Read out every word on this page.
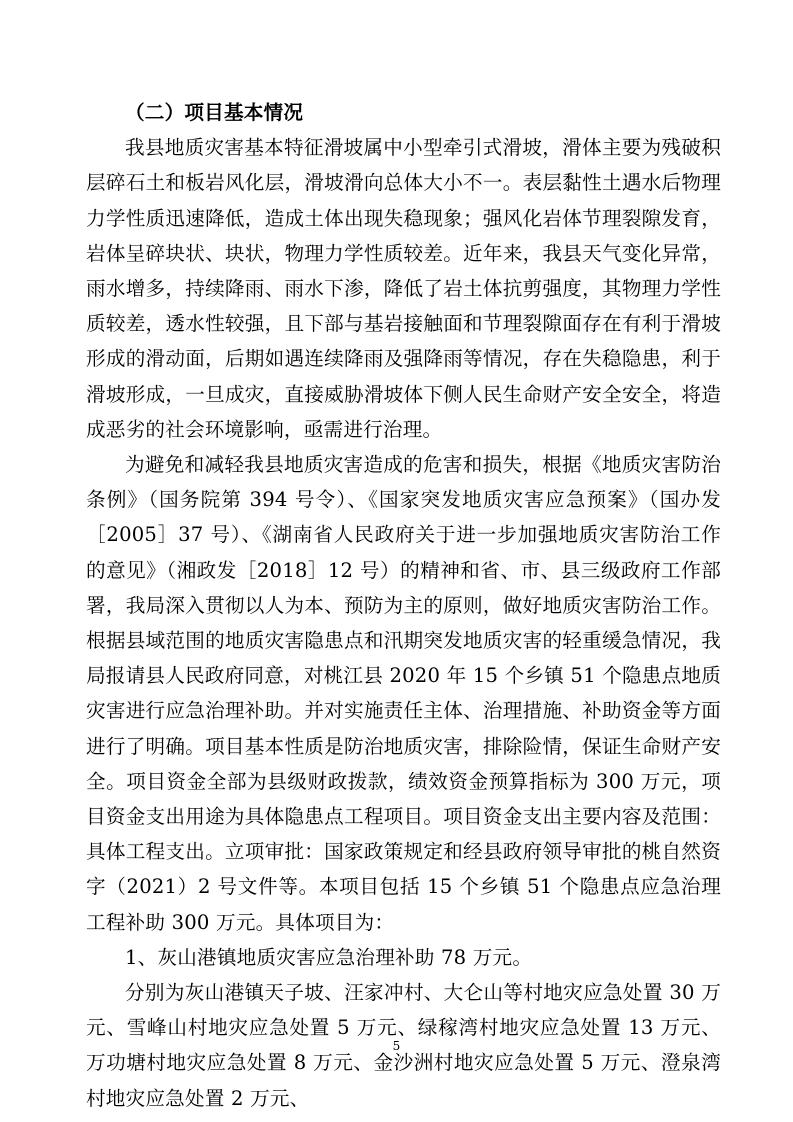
（二）项目基本情况

我县地质灾害基本特征滑坡属中小型牵引式滑坡，滑体主要为残破积层碎石土和板岩风化层，滑坡滑向总体大小不一。表层黏性土遇水后物理力学性质迅速降低，造成土体出现失稳现象；强风化岩体节理裂隙发育，岩体呈碎块状、块状，物理力学性质较差。近年来，我县天气变化异常，雨水增多，持续降雨、雨水下渗，降低了岩土体抗剪强度，其物理力学性质较差，透水性较强，且下部与基岩接触面和节理裂隙面存在有利于滑坡形成的滑动面，后期如遇连续降雨及强降雨等情况，存在失稳隐患，利于滑坡形成，一旦成灾，直接威胁滑坡体下侧人民生命财产安全安全，将造成恶劣的社会环境影响，亟需进行治理。

为避免和减轻我县地质灾害造成的危害和损失，根据《地质灾害防治条例》（国务院第 394 号令）、《国家突发地质灾害应急预案》（国办发［2005］37 号）、《湖南省人民政府关于进一步加强地质灾害防治工作的意见》（湘政发［2018］12 号）的精神和省、市、县三级政府工作部署，我局深入贯彻以人为本、预防为主的原则，做好地质灾害防治工作。根据县域范围的地质灾害隐患点和汛期突发地质灾害的轻重缓急情况，我局报请县人民政府同意，对桃江县 2020 年 15 个乡镇 51 个隐患点地质灾害进行应急治理补助。并对实施责任主体、治理措施、补助资金等方面进行了明确。项目基本性质是防治地质灾害，排除险情，保证生命财产安全。项目资金全部为县级财政拨款，绩效资金预算指标为 300 万元，项目资金支出用途为具体隐患点工程项目。项目资金支出主要内容及范围：具体工程支出。立项审批：国家政策规定和经县政府领导审批的桃自然资字（2021）2 号文件等。本项目包括 15 个乡镇 51 个隐患点应急治理工程补助 300 万元。具体项目为：

1、灰山港镇地质灾害应急治理补助 78 万元。

分别为灰山港镇天子坡、汪家冲村、大仑山等村地灾应急处置 30 万元、雪峰山村地灾应急处置 5 万元、绿稼湾村地灾应急处置 13 万元、万功塘村地灾应急处置 8 万元、金沙洲村地灾应急处置 5 万元、澄泉湾村地灾应急处置 2 万元、

5
